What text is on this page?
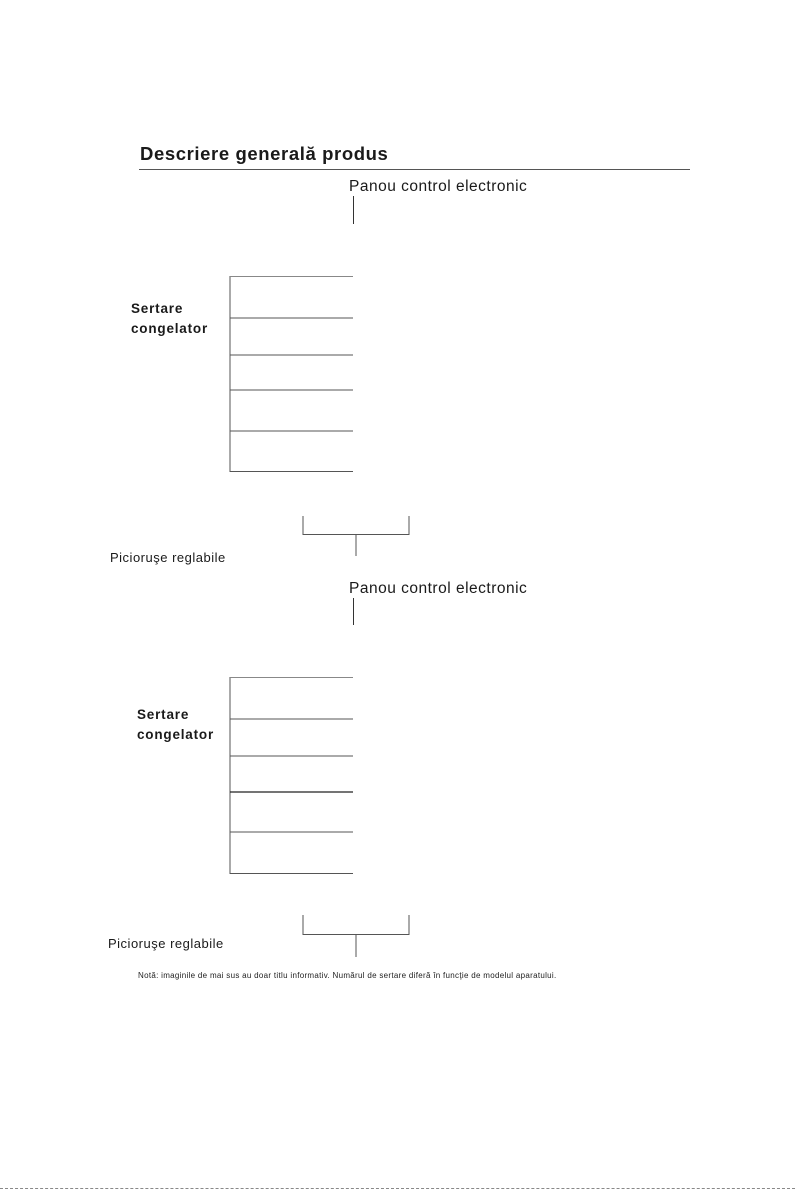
Descriere generală produs
Panou control electronic
Sertare
congelator
Picioruşe reglabile
Panou control electronic
Sertare
congelator
Picioruşe reglabile
Notă: imaginile de mai sus au doar titlu informativ. Numărul de sertare diferă în funcţie de modelul aparatului.
